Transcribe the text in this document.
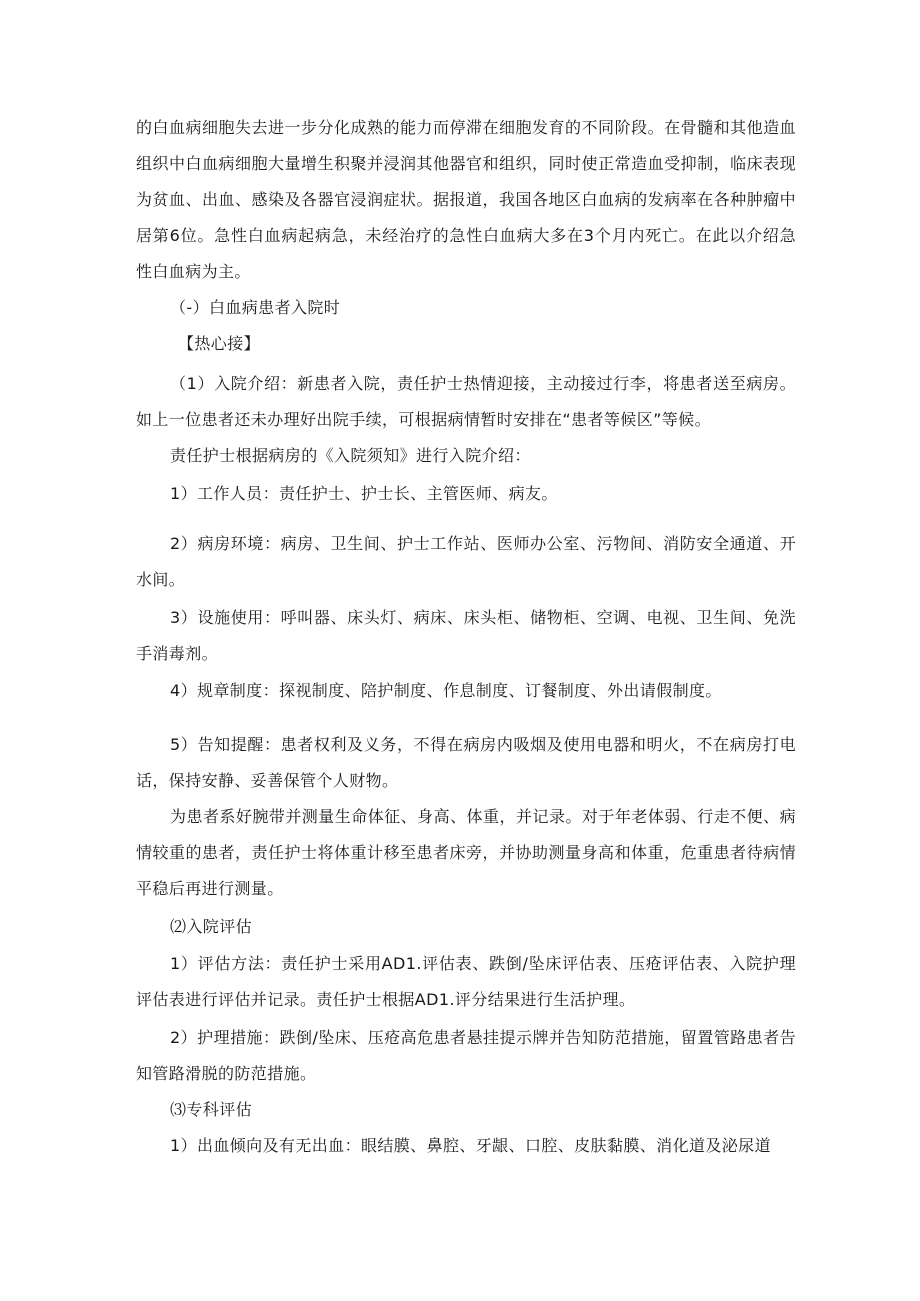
的白血病细胞失去进一步分化成熟的能力而停滞在细胞发育的不同阶段。在骨髓和其他造血组织中白血病细胞大量增生积聚并浸润其他器官和组织，同时使正常造血受抑制，临床表现为贫血、出血、感染及各器官浸润症状。据报道，我国各地区白血病的发病率在各种肿瘤中居第6位。急性白血病起病急，未经治疗的急性白血病大多在3个月内死亡。在此以介绍急性白血病为主。

（-）白血病患者入院时

【热心接】

（1）入院介绍：新患者入院，责任护士热情迎接，主动接过行李，将患者送至病房。如上一位患者还未办理好出院手续，可根据病情暂时安排在“患者等候区”等候。

责任护士根据病房的《入院须知》进行入院介绍：

1）工作人员：责任护士、护士长、主管医师、病友。

2）病房环境：病房、卫生间、护士工作站、医师办公室、污物间、消防安全通道、开水间。

3）设施使用：呼叫器、床头灯、病床、床头柜、储物柜、空调、电视、卫生间、免洗手消毒剂。

4）规章制度：探视制度、陪护制度、作息制度、订餐制度、外出请假制度。

5）告知提醒：患者权利及义务，不得在病房内吸烟及使用电器和明火，不在病房打电话，保持安静、妥善保管个人财物。

为患者系好腕带并测量生命体征、身高、体重，并记录。对于年老体弱、行走不便、病情较重的患者，责任护士将体重计移至患者床旁，并协助测量身高和体重，危重患者待病情平稳后再进行测量。

⑵入院评估

1）评估方法：责任护士采用AD1.评估表、跌倒/坠床评估表、压疮评估表、入院护理评估表进行评估并记录。责任护士根据AD1.评分结果进行生活护理。

2）护理措施：跌倒/坠床、压疮高危患者悬挂提示牌并告知防范措施，留置管路患者告知管路滑脱的防范措施。

⑶专科评估

1）出血倾向及有无出血：眼结膜、鼻腔、牙龈、口腔、皮肤黏膜、消化道及泌尿道
